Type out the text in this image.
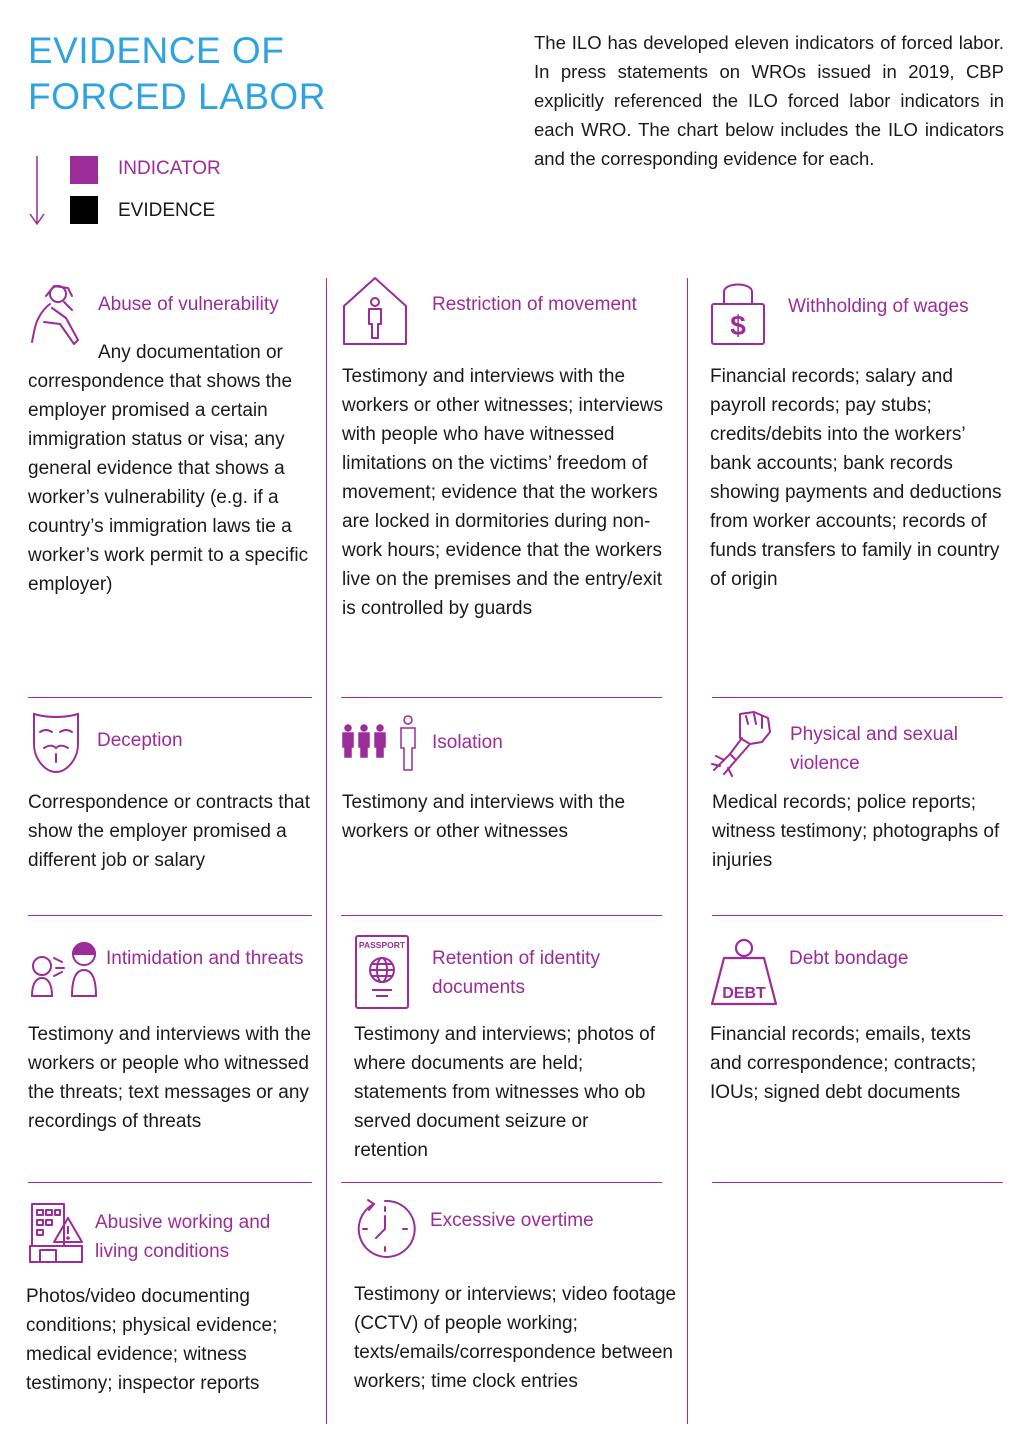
EVIDENCE OF FORCED LABOR
The ILO has developed eleven indicators of forced labor. In press statements on WROs issued in 2019, CBP explicitly referenced the ILO forced labor indicators in each WRO. The chart below includes the ILO indicators and the corresponding evidence for each.
INDICATOR
EVIDENCE
Abuse of vulnerability
Any documentation or correspondence that shows the employer promised a certain immigration status or visa; any general evidence that shows a worker’s vulnerability (e.g. if a country’s immigration laws tie a worker’s work permit to a specific employer)
Restriction of movement
Testimony and interviews with the workers or other witnesses; interviews with people who have witnessed limitations on the victims’ freedom of movement; evidence that the workers are locked in dormitories during non-work hours; evidence that the workers live on the premises and the entry/exit is controlled by guards
$
Withholding of wages
Financial records; salary and payroll records; pay stubs; credits/debits into the workers’ bank accounts; bank records showing payments and deductions from worker accounts; records of funds transfers to family in country of origin
Deception
Correspondence or contracts that show the employer promised a different job or salary
Isolation
Testimony and interviews with the workers or other witnesses
Physical and sexual violence
Medical records; police reports; witness testimony; photographs of injuries
Intimidation and threats
Testimony and interviews with the workers or people who witnessed the threats; text messages or any recordings of threats
PASSPORT
Retention of identity documents
Testimony and interviews; photos of where documents are held; statements from witnesses who ob served document seizure or retention
DEBT
Debt bondage
Financial records; emails, texts and correspondence; contracts; IOUs; signed debt documents
Abusive working and living conditions
Photos/video documenting conditions; physical evidence; medical evidence; witness testimony; inspector reports
Excessive overtime
Testimony or interviews; video footage (CCTV) of people working; texts/emails/correspondence between workers; time clock entries
